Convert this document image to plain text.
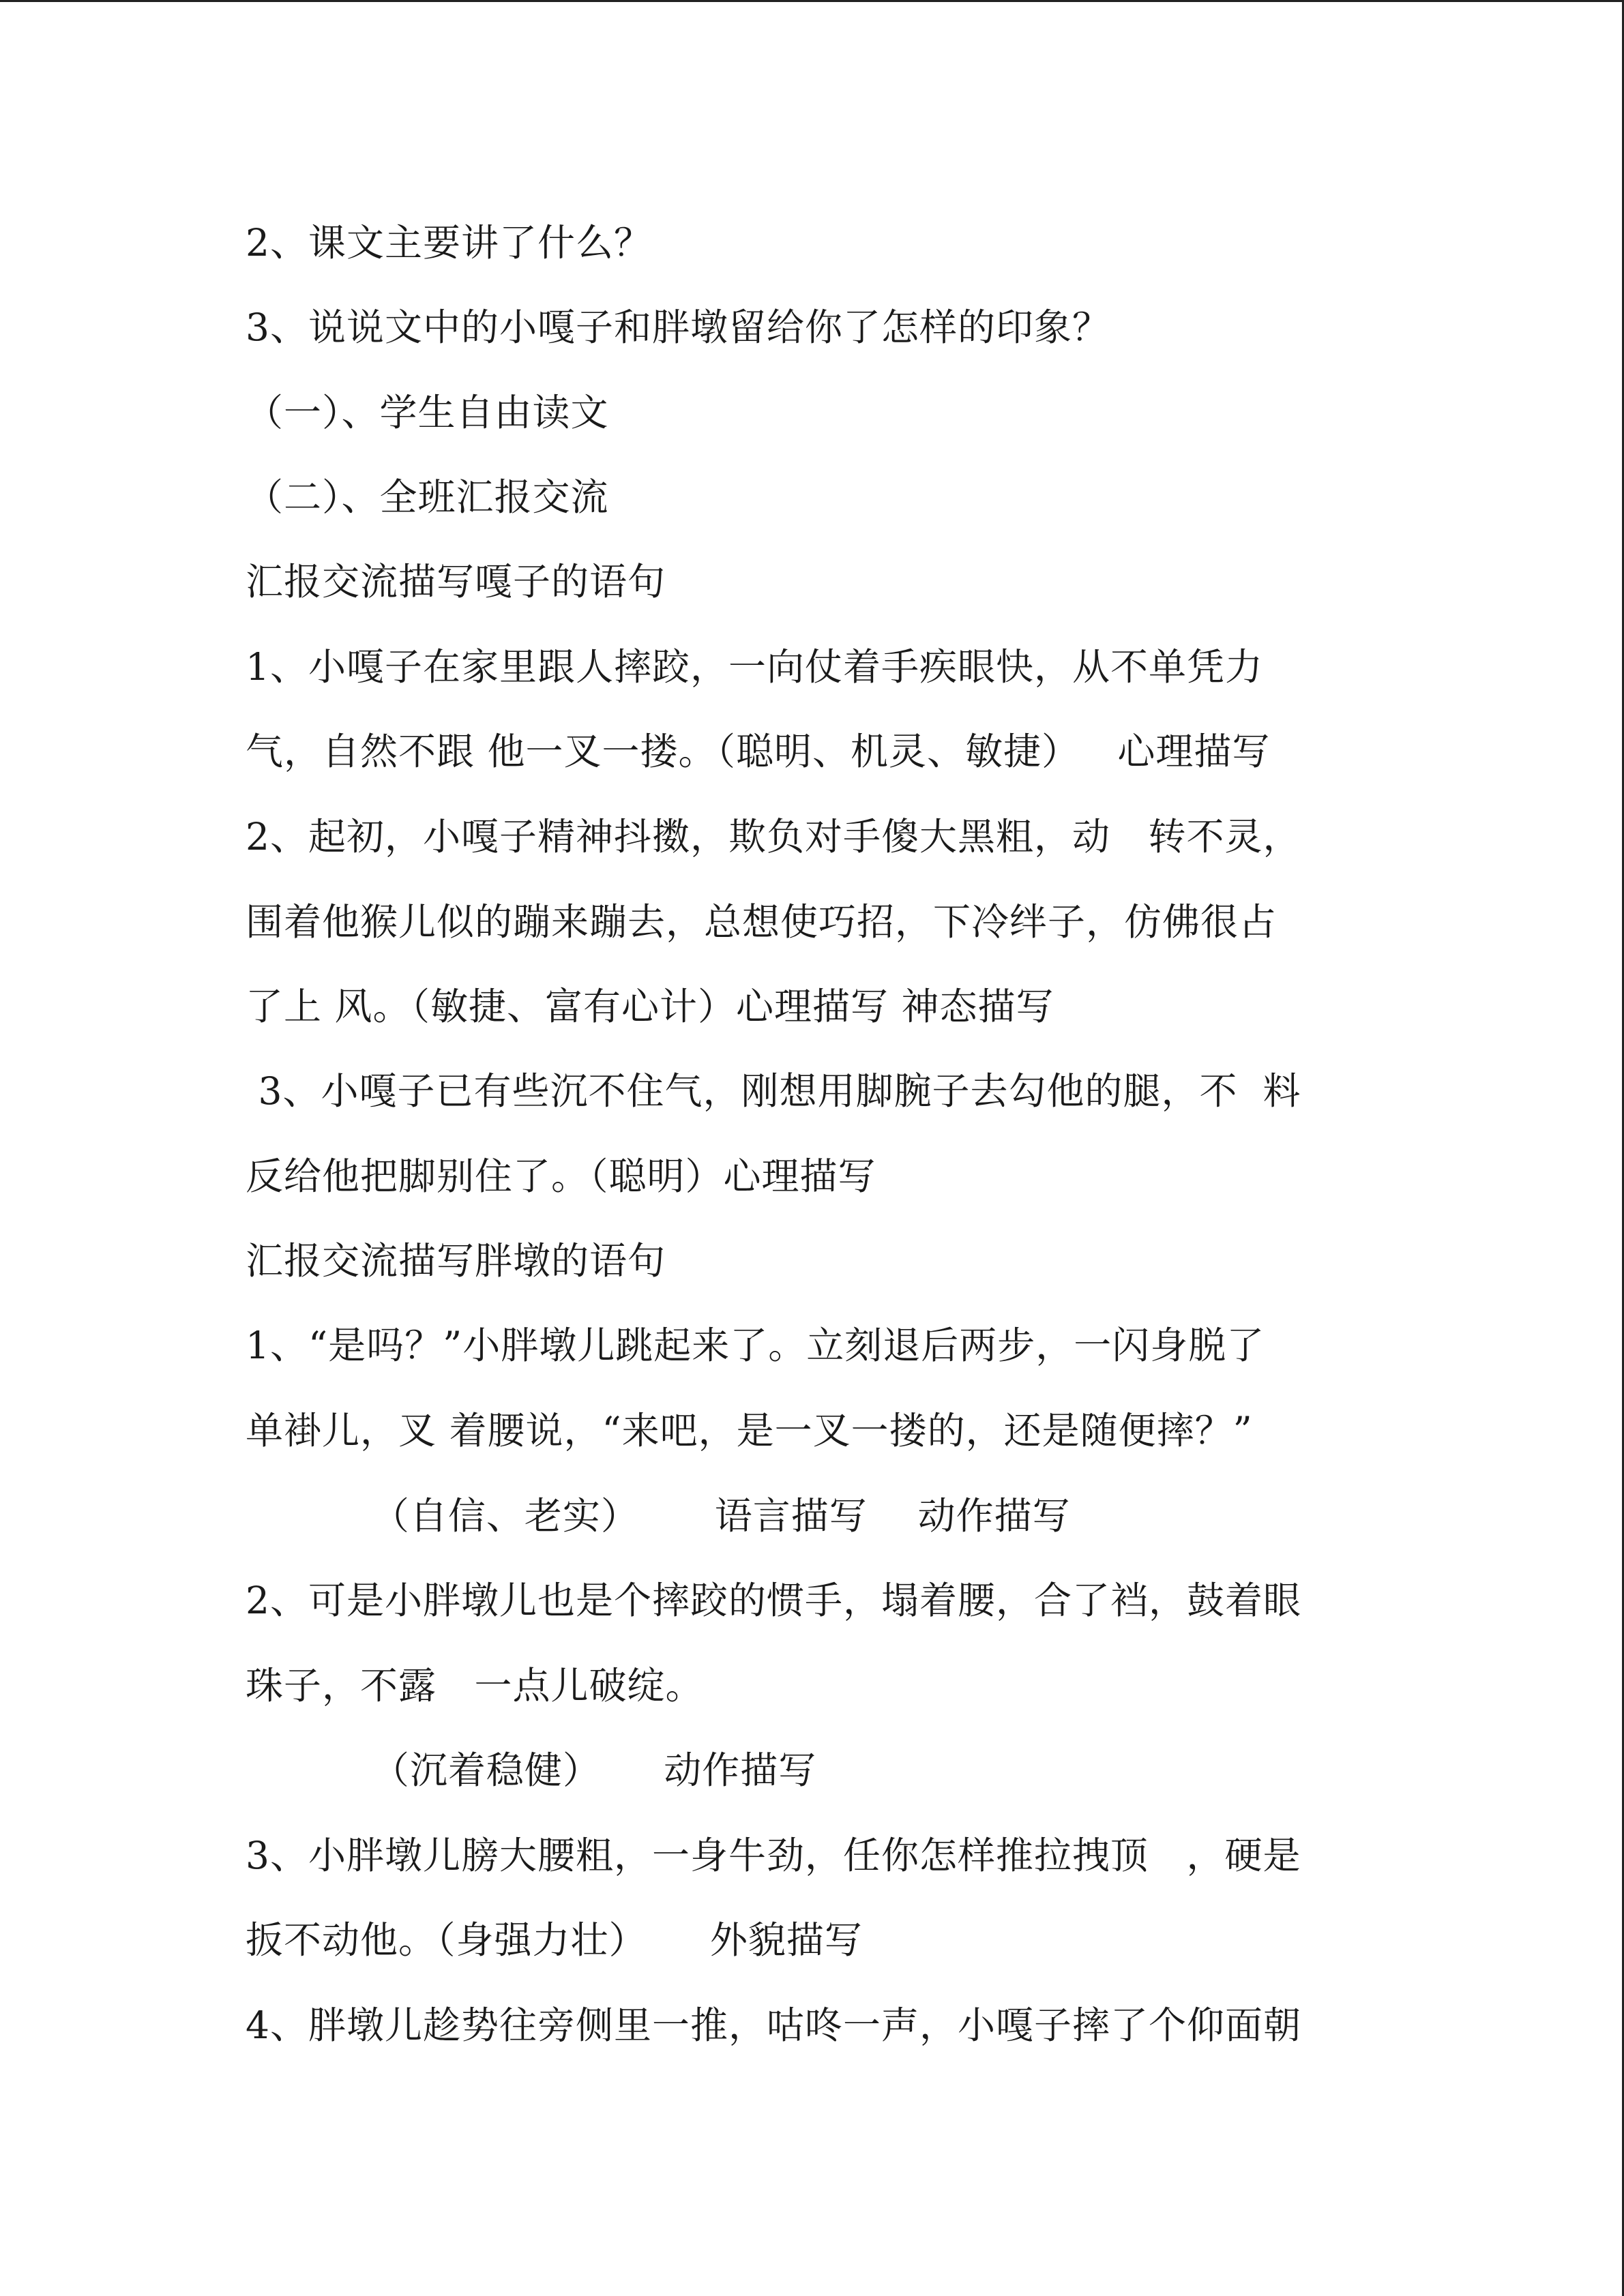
2、课文主要讲了什么？
3、说说文中的小嘎子和胖墩留给你了怎样的印象？
（一）、学生自由读文
（二）、全班汇报交流
汇报交流描写嘎子的语句
1、小嘎子在家里跟人摔跤，一向仗着手疾眼快，从不单凭力
气，自然不跟 他一叉一搂。（聪明、机灵、敏捷）   心理描写
2、起初，小嘎子精神抖擞，欺负对手傻大黑粗，动   转不灵，
围着他猴儿似的蹦来蹦去，总想使巧招，下冷绊子，仿佛很占
了上 风。（敏捷、富有心计）心理描写 神态描写
3、小嘎子已有些沉不住气，刚想用脚腕子去勾他的腿，不  料
反给他把脚别住了。（聪明）心理描写
汇报交流描写胖墩的语句
1、“是吗？”小胖墩儿跳起来了。立刻退后两步，一闪身脱了
单褂儿，叉 着腰说，“来吧，是一叉一搂的，还是随便摔？”
（自信、老实）      语言描写    动作描写
2、可是小胖墩儿也是个摔跤的惯手，塌着腰，合了裆，鼓着眼
珠子，不露   一点儿破绽。
（沉着稳健）     动作描写
3、小胖墩儿膀大腰粗，一身牛劲，任你怎样推拉拽顶   ，硬是
扳不动他。（身强力壮）     外貌描写
4、胖墩儿趁势往旁侧里一推，咕咚一声，小嘎子摔了个仰面朝
